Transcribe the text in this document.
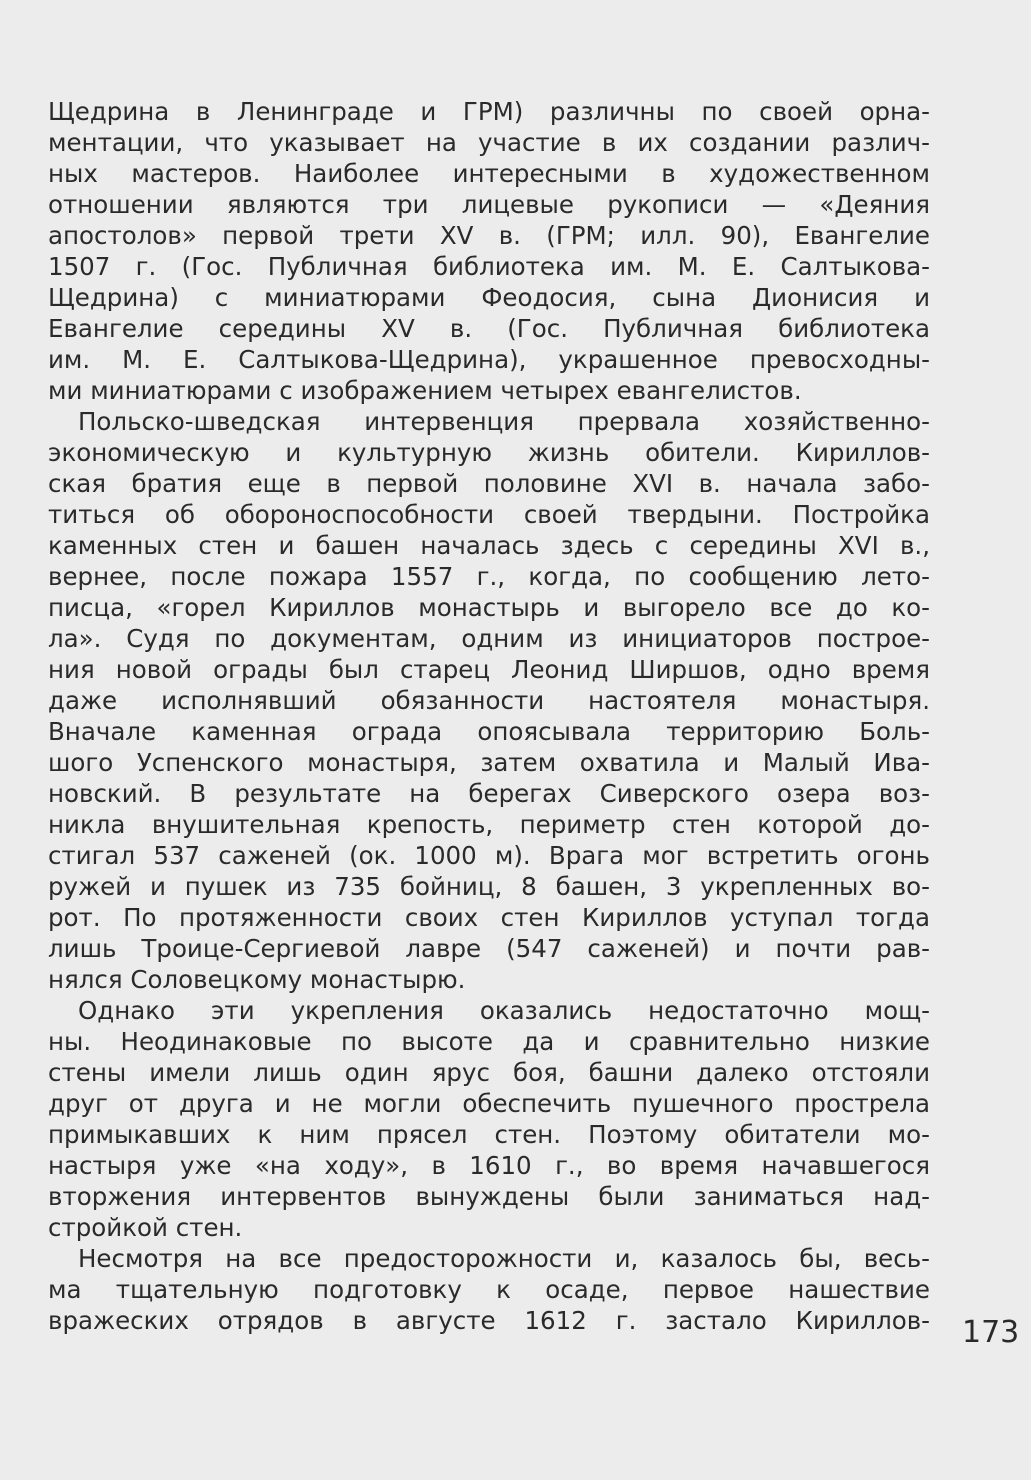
Щедрина в Ленинграде и ГРМ) различны по своей орна-
ментации, что указывает на участие в их создании различ-
ных мастеров. Наиболее интересными в художественном
отношении являются три лицевые рукописи — «Деяния
апостолов» первой трети XV в. (ГРМ; илл. 90), Евангелие
1507 г. (Гос. Публичная библиотека им. М. Е. Салтыкова-
Щедрина) с миниатюрами Феодосия, сына Дионисия и
Евангелие середины XV в. (Гос. Публичная библиотека
им. М. Е. Салтыкова-Щедрина), украшенное превосходны-
ми миниатюрами с изображением четырех евангелистов.
Польско-шведская интервенция прервала хозяйственно-
экономическую и культурную жизнь обители. Кириллов-
ская братия еще в первой половине XVI в. начала забо-
титься об обороноспособности своей твердыни. Постройка
каменных стен и башен началась здесь с середины XVI в.,
вернее, после пожара 1557 г., когда, по сообщению лето-
писца, «горел Кириллов монастырь и выгорело все до ко-
ла». Судя по документам, одним из инициаторов построе-
ния новой ограды был старец Леонид Ширшов, одно время
даже исполнявший обязанности настоятеля монастыря.
Вначале каменная ограда опоясывала территорию Боль-
шого Успенского монастыря, затем охватила и Малый Ива-
новский. В результате на берегах Сиверского озера воз-
никла внушительная крепость, периметр стен которой до-
стигал 537 саженей (ок. 1000 м). Врага мог встретить огонь
ружей и пушек из 735 бойниц, 8 башен, 3 укрепленных во-
рот. По протяженности своих стен Кириллов уступал тогда
лишь Троице-Сергиевой лавре (547 саженей) и почти рав-
нялся Соловецкому монастырю.
Однако эти укрепления оказались недостаточно мощ-
ны. Неодинаковые по высоте да и сравнительно низкие
стены имели лишь один ярус боя, башни далеко отстояли
друг от друга и не могли обеспечить пушечного прострела
примыкавших к ним прясел стен. Поэтому обитатели мо-
настыря уже «на ходу», в 1610 г., во время начавшегося
вторжения интервентов вынуждены были заниматься над-
стройкой стен.
Несмотря на все предосторожности и, казалось бы, весь-
ма тщательную подготовку к осаде, первое нашествие
вражеских отрядов в августе 1612 г. застало Кириллов- 173
